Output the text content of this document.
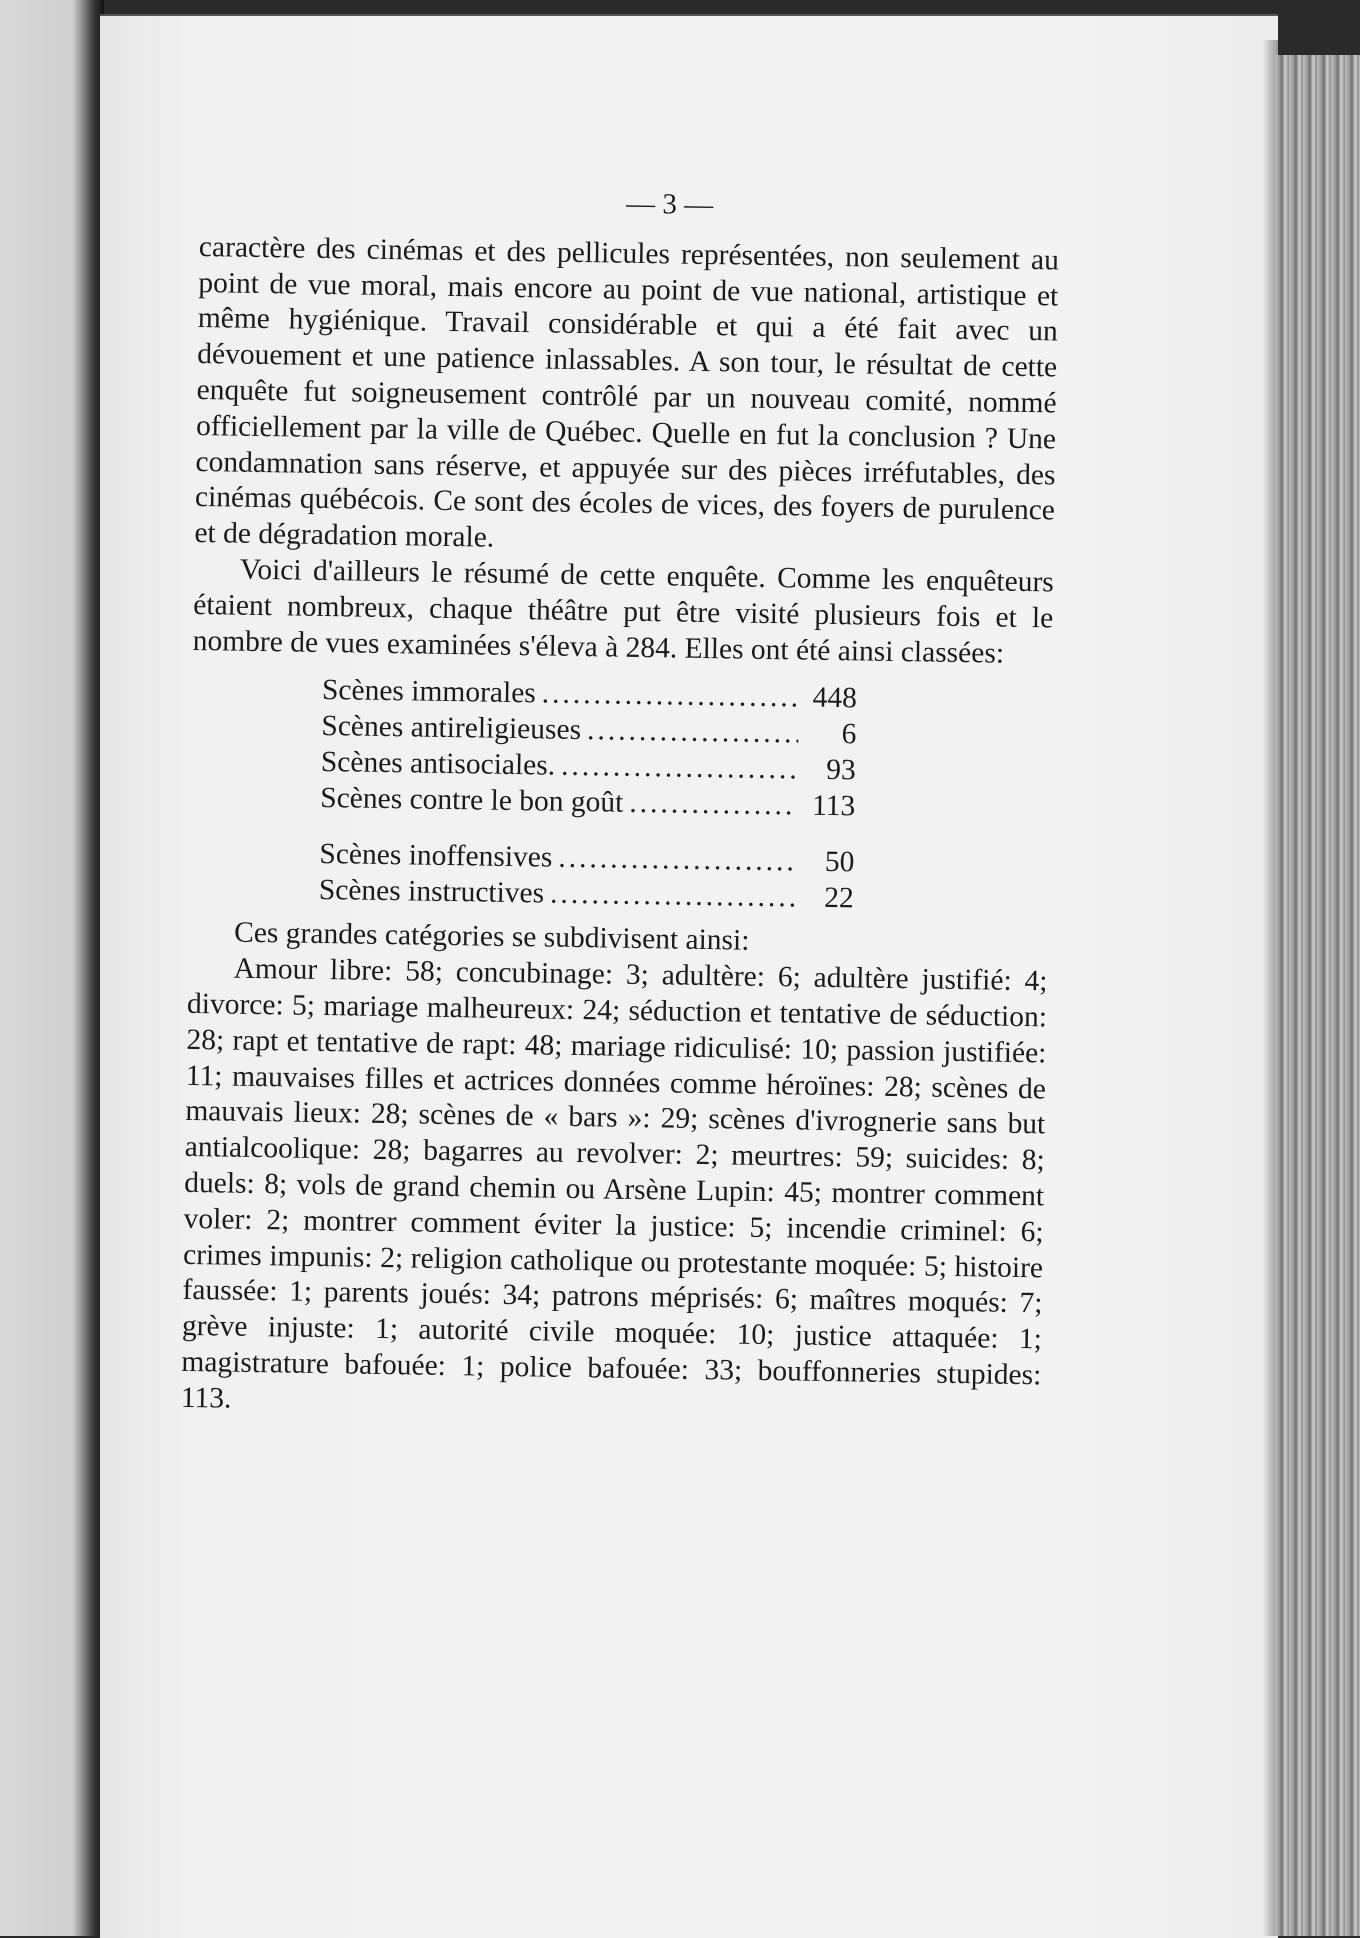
— 3 —

caractère des cinémas et des pellicules représentées, non seulement au point de vue moral, mais encore au point de vue national, artistique et même hygiénique. Travail considérable et qui a été fait avec un dévouement et une patience inlassables. A son tour, le résultat de cette enquête fut soigneusement contrôlé par un nouveau comité, nommé officiellement par la ville de Québec. Quelle en fut la conclusion ? Une condamnation sans réserve, et appuyée sur des pièces irréfutables, des cinémas québécois. Ce sont des écoles de vices, des foyers de purulence et de dégradation morale.

Voici d'ailleurs le résumé de cette enquête. Comme les enquêteurs étaient nombreux, chaque théâtre put être visité plusieurs fois et le nombre de vues examinées s'éleva à 284. Elles ont été ainsi classées:

Scènes immorales .....	448
Scènes antireligieuses .....	6
Scènes antisociales. .....	93
Scènes contre le bon goût .....	113
Scènes inoffensives .....	50
Scènes instructives .....	22

Ces grandes catégories se subdivisent ainsi:

Amour libre: 58; concubinage: 3; adultère: 6; adultère justifié: 4; divorce: 5; mariage malheureux: 24; séduction et tentative de séduction: 28; rapt et tentative de rapt: 48; mariage ridiculisé: 10; passion justifiée: 11; mauvaises filles et actrices données comme héroïnes: 28; scènes de mauvais lieux: 28; scènes de « bars »: 29; scènes d'ivrognerie sans but antialcoolique: 28; bagarres au revolver: 2; meurtres: 59; suicides: 8; duels: 8; vols de grand chemin ou Arsène Lupin: 45; montrer comment voler: 2; montrer comment éviter la justice: 5; incendie criminel: 6; crimes impunis: 2; religion catholique ou protestante moquée: 5; histoire faussée: 1; parents joués: 34; patrons méprisés: 6; maîtres moqués: 7; grève injuste: 1; autorité civile moquée: 10; justice attaquée: 1; magistrature bafouée: 1; police bafouée: 33; bouffonneries stupides: 113.
